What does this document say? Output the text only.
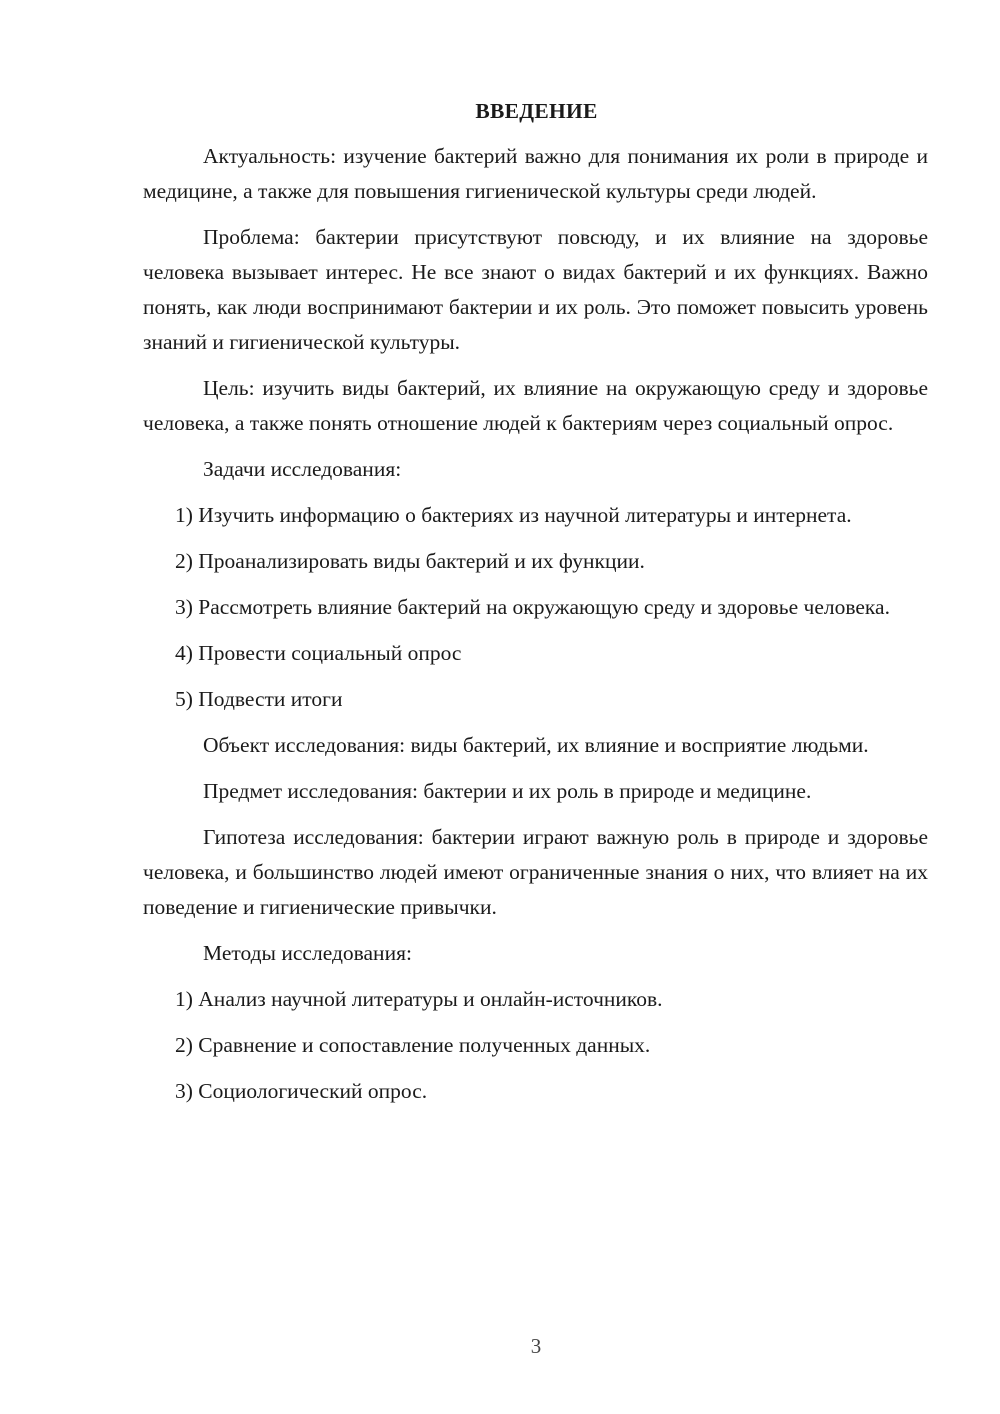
ВВЕДЕНИЕ

Актуальность: изучение бактерий важно для понимания их роли в природе и медицине, а также для повышения гигиенической культуры среди людей.

Проблема: бактерии присутствуют повсюду, и их влияние на здоровье человека вызывает интерес. Не все знают о видах бактерий и их функциях. Важно понять, как люди воспринимают бактерии и их роль. Это поможет повысить уровень знаний и гигиенической культуры.

Цель: изучить виды бактерий, их влияние на окружающую среду и здоровье человека, а также понять отношение людей к бактериям через социальный опрос.

Задачи исследования:

1) Изучить информацию о бактериях из научной литературы и интернета.

2) Проанализировать виды бактерий и их функции.

3) Рассмотреть влияние бактерий на окружающую среду и здоровье человека.

4) Провести социальный опрос

5) Подвести итоги

Объект исследования: виды бактерий, их влияние и восприятие людьми.

Предмет исследования: бактерии и их роль в природе и медицине.

Гипотеза исследования: бактерии играют важную роль в природе и здоровье человека, и большинство людей имеют ограниченные знания о них, что влияет на их поведение и гигиенические привычки.

Методы исследования:

1) Анализ научной литературы и онлайн-источников.

2) Сравнение и сопоставление полученных данных.

3) Социологический опрос.

3
